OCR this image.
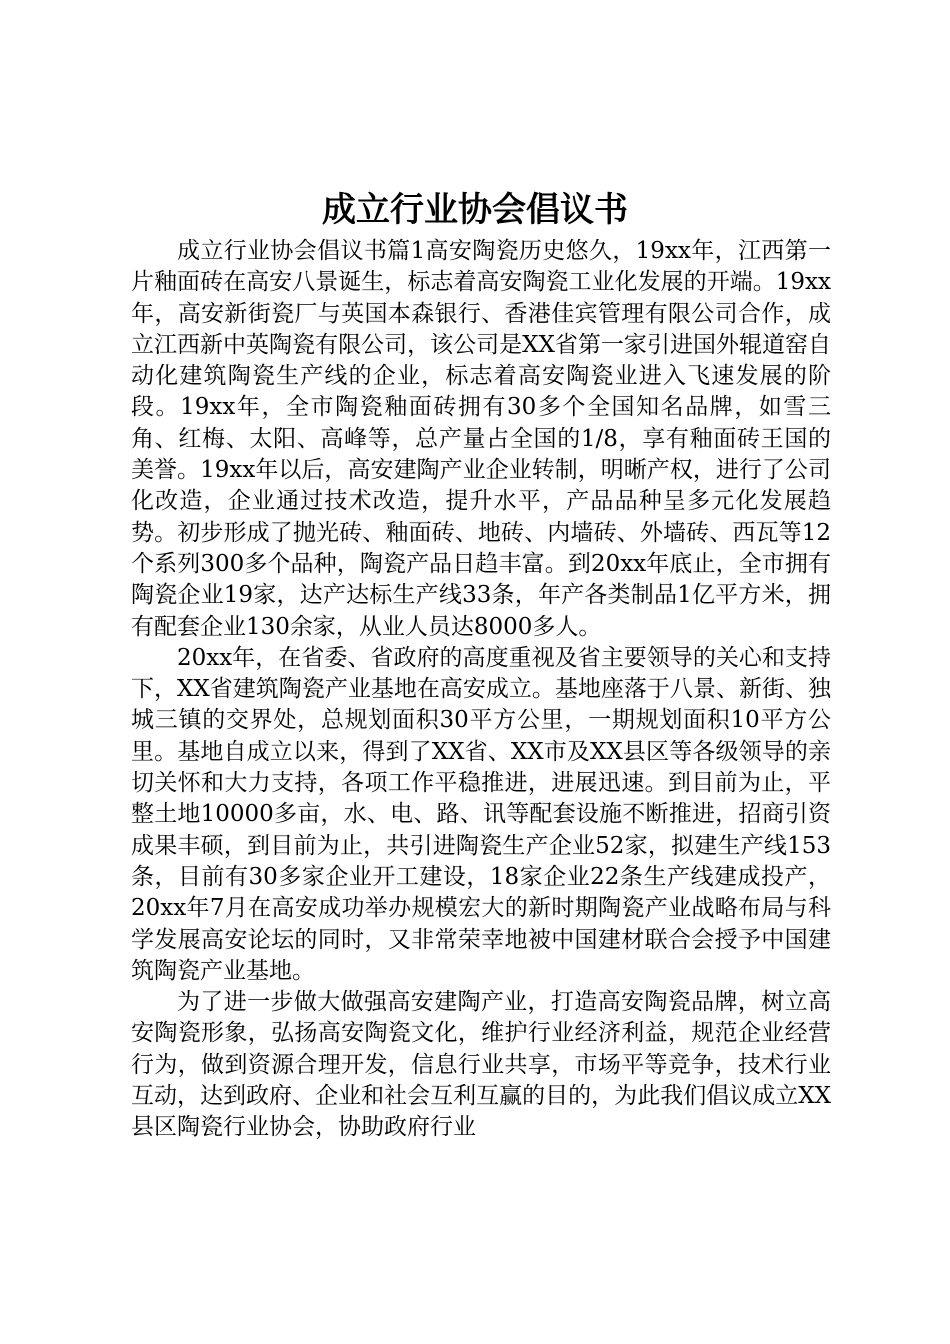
成立行业协会倡议书

成立行业协会倡议书篇1高安陶瓷历史悠久，19xx年，江西第一片釉面砖在高安八景诞生，标志着高安陶瓷工业化发展的开端。19xx年，高安新街瓷厂与英国本森银行、香港佳宾管理有限公司合作，成立江西新中英陶瓷有限公司，该公司是XX省第一家引进国外辊道窑自动化建筑陶瓷生产线的企业，标志着高安陶瓷业进入飞速发展的阶段。19xx年，全市陶瓷釉面砖拥有30多个全国知名品牌，如雪三角、红梅、太阳、高峰等，总产量占全国的1/8，享有釉面砖王国的美誉。19xx年以后，高安建陶产业企业转制，明晰产权，进行了公司化改造，企业通过技术改造，提升水平，产品品种呈多元化发展趋势。初步形成了抛光砖、釉面砖、地砖、内墙砖、外墙砖、西瓦等12个系列300多个品种，陶瓷产品日趋丰富。到20xx年底止，全市拥有陶瓷企业19家，达产达标生产线33条，年产各类制品1亿平方米，拥有配套企业130余家，从业人员达8000多人。

20xx年，在省委、省政府的高度重视及省主要领导的关心和支持下，XX省建筑陶瓷产业基地在高安成立。基地座落于八景、新街、独城三镇的交界处，总规划面积30平方公里，一期规划面积10平方公里。基地自成立以来，得到了XX省、XX市及XX县区等各级领导的亲切关怀和大力支持，各项工作平稳推进，进展迅速。到目前为止，平整土地10000多亩，水、电、路、讯等配套设施不断推进，招商引资成果丰硕，到目前为止，共引进陶瓷生产企业52家，拟建生产线153条，目前有30多家企业开工建设，18家企业22条生产线建成投产，20xx年7月在高安成功举办规模宏大的新时期陶瓷产业战略布局与科学发展高安论坛的同时，又非常荣幸地被中国建材联合会授予中国建筑陶瓷产业基地。

为了进一步做大做强高安建陶产业，打造高安陶瓷品牌，树立高安陶瓷形象，弘扬高安陶瓷文化，维护行业经济利益，规范企业经营行为，做到资源合理开发，信息行业共享，市场平等竞争，技术行业互动，达到政府、企业和社会互利互赢的目的，为此我们倡议成立XX县区陶瓷行业协会，协助政府行业
